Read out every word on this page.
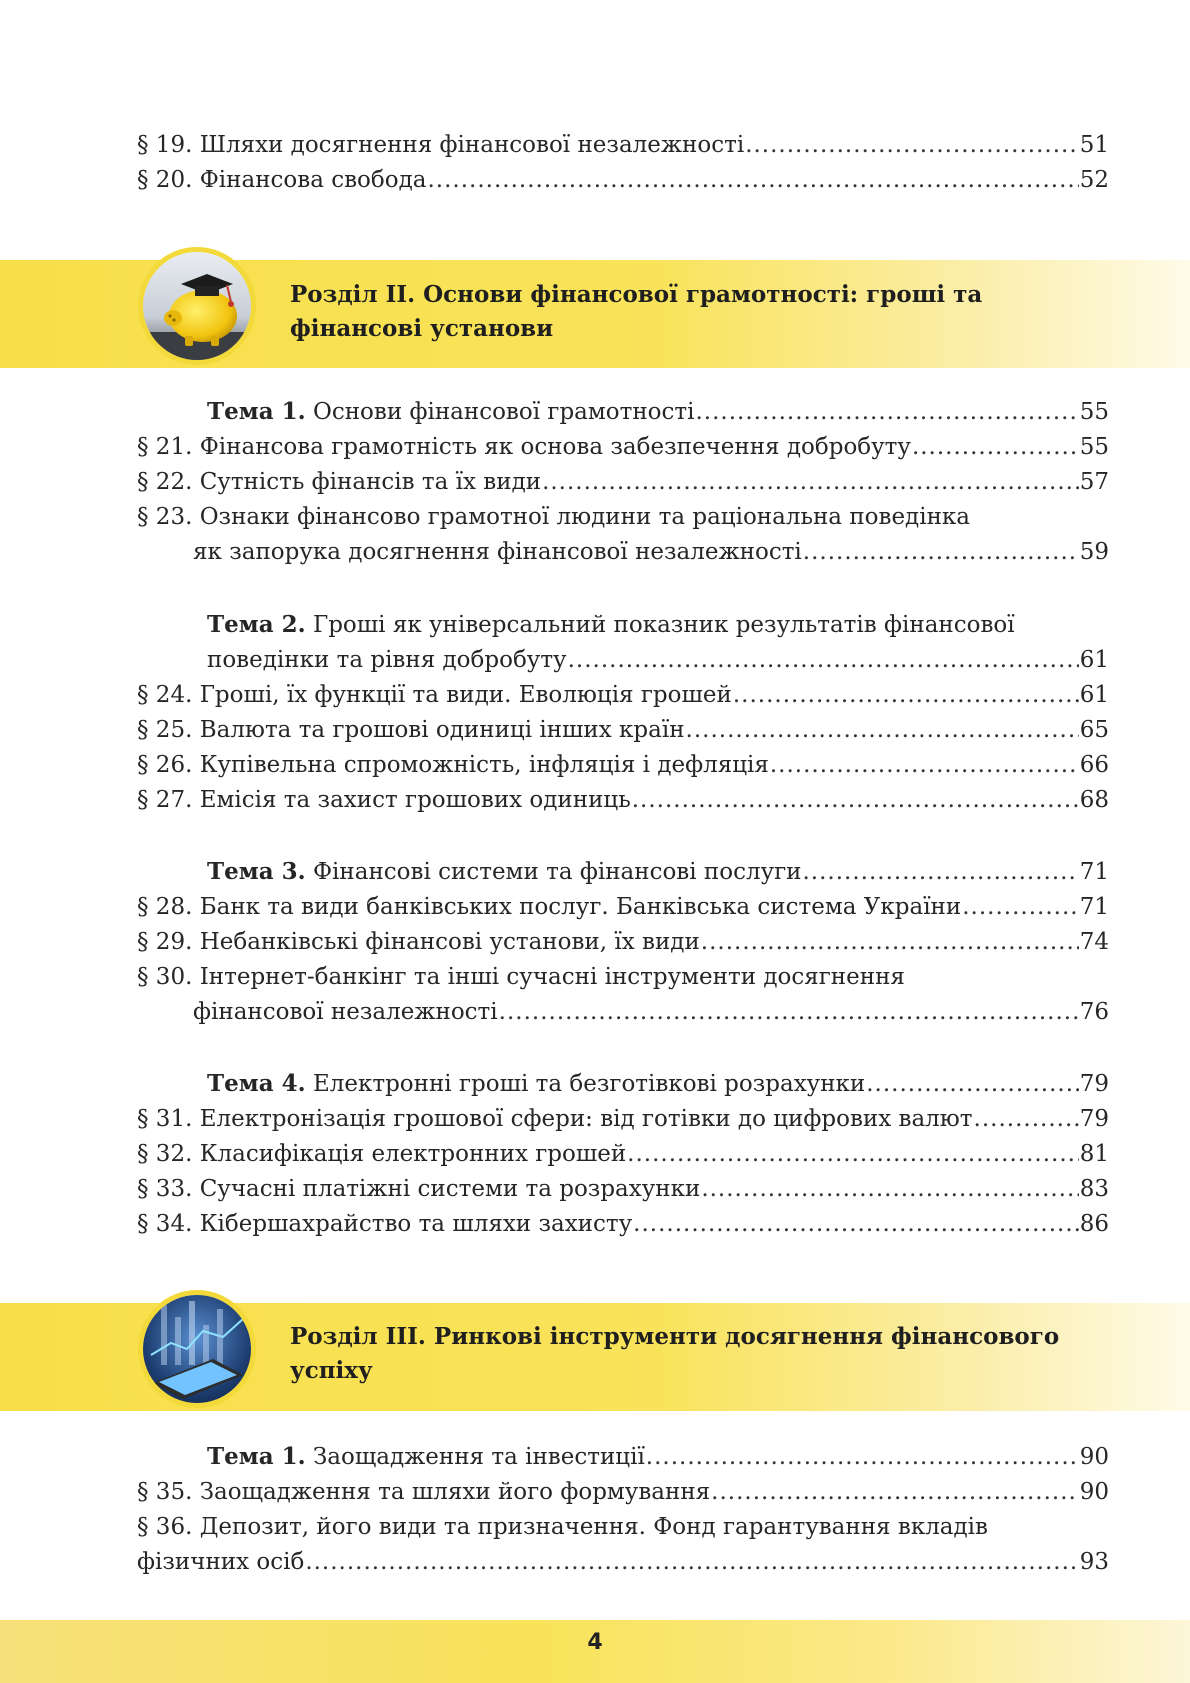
§ 19. Шляхи досягнення фінансової незалежності .....	51
§ 20. Фінансова свобода .....	52
Розділ ІІ. Основи фінансової грамотності: гроші та
фінансові установи
Тема 1. Основи фінансової грамотності .....	55
§ 21. Фінансова грамотність як основа забезпечення добробуту .....	55
§ 22. Сутність фінансів та їх види .....	57
§ 23. Ознаки фінансово грамотної людини та раціональна поведінка
як запорука досягнення фінансової незалежності .....	59
Тема 2. Гроші як універсальний показник результатів фінансової
поведінки та рівня добробуту .....	61
§ 24. Гроші, їх функції та види. Еволюція грошей .....	61
§ 25. Валюта та грошові одиниці інших країн .....	65
§ 26. Купівельна спроможність, інфляція і дефляція .....	66
§ 27. Емісія та захист грошових одиниць .....	68
Тема 3. Фінансові системи та фінансові послуги .....	71
§ 28. Банк та види банківських послуг. Банківська система України .....	71
§ 29. Небанківські фінансові установи, їх види .....	74
§ 30. Інтернет-банкінг та інші сучасні інструменти досягнення
фінансової незалежності .....	76
Тема 4. Електронні гроші та безготівкові розрахунки .....	79
§ 31. Електронізація грошової сфери: від готівки до цифрових валют .....	79
§ 32. Класифікація електронних грошей .....	81
§ 33. Сучасні платіжні системи та розрахунки .....	83
§ 34. Кібершахрайство та шляхи захисту .....	86
Розділ ІІІ. Ринкові інструменти досягнення фінансового
успіху
Тема 1. Заощадження та інвестиції .....	90
§ 35. Заощадження та шляхи його формування .....	90
§ 36. Депозит, його види та призначення. Фонд гарантування вкладів
фізичних осіб .....	93
4
